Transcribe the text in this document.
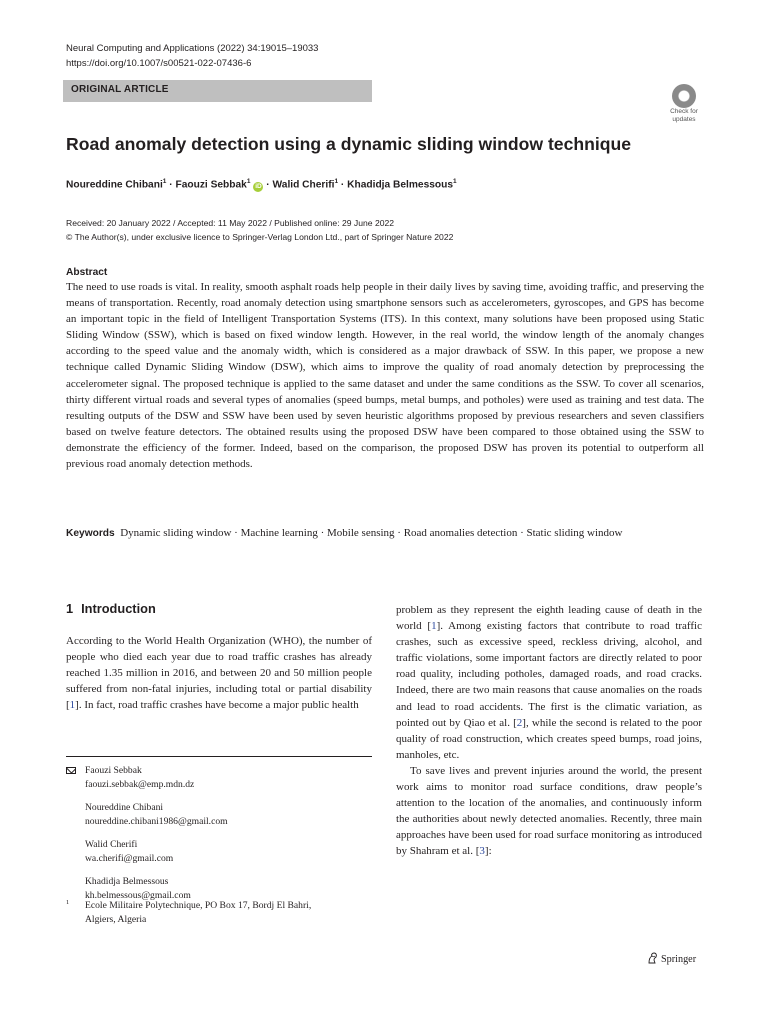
Neural Computing and Applications (2022) 34:19015–19033
https://doi.org/10.1007/s00521-022-07436-6
ORIGINAL ARTICLE
Check for
updates
Road anomaly detection using a dynamic sliding window technique
Noureddine Chibani$^1$ · Faouzi Sebbak$^1$iD · Walid Cherifi$^1$ · Khadidja Belmessous$^1$
Received: 20 January 2022 / Accepted: 11 May 2022 / Published online: 29 June 2022
© The Author(s), under exclusive licence to Springer-Verlag London Ltd., part of Springer Nature 2022
Abstract

The need to use roads is vital. In reality, smooth asphalt roads help people in their daily lives by saving time, avoiding traffic, and preserving the means of transportation. Recently, road anomaly detection using smartphone sensors such as accelerometers, gyroscopes, and GPS has become an important topic in the field of Intelligent Transportation Systems (ITS). In this context, many solutions have been proposed using Static Sliding Window (SSW), which is based on fixed window length. However, in the real world, the window length of the anomaly changes according to the speed value and the anomaly width, which is considered as a major drawback of SSW. In this paper, we propose a new technique called Dynamic Sliding Window (DSW), which aims to improve the quality of road anomaly detection by preprocessing the accelerometer signal. The proposed technique is applied to the same dataset and under the same conditions as the SSW. To cover all scenarios, thirty different virtual roads and several types of anomalies (speed bumps, metal bumps, and potholes) were used as training and test data. The resulting outputs of the DSW and SSW have been used by seven heuristic algorithms proposed by previous researchers and seven classifiers based on twelve feature detectors. The obtained results using the proposed DSW have been compared to those obtained using the SSW to demonstrate the efficiency of the former. Indeed, based on the comparison, the proposed DSW has proven its potential to outperform all previous road anomaly detection methods.

Keywords Dynamic sliding window · Machine learning · Mobile sensing · Road anomalies detection · Static sliding window

1 Introduction

According to the World Health Organization (WHO), the number of people who died each year due to road traffic crashes has already reached 1.35 million in 2016, and between 20 and 50 million people suffered from non-fatal injuries, including total or partial disability [1]. In fact, road traffic crashes have become a major public health

Faouzi Sebbak
faouzi.sebbak@emp.mdn.dz
Noureddine Chibani
noureddine.chibani1986@gmail.com
Walid Cherifi
wa.cherifi@gmail.com
Khadidja Belmessous
kh.belmessous@gmail.com
1	Ecole Militaire Polytechnique, PO Box 17, Bordj El Bahri,
Algiers, Algeria

problem as they represent the eighth leading cause of death in the world [1]. Among existing factors that contribute to road traffic crashes, such as excessive speed, reckless driving, alcohol, and traffic violations, some important factors are directly related to poor road quality, including potholes, damaged roads, and road cracks. Indeed, there are two main reasons that cause anomalies on the roads and lead to road accidents. The first is the climatic variation, as pointed out by Qiao et al. [2], while the second is related to the poor quality of road construction, which creates speed bumps, road joins, manholes, etc.

To save lives and prevent injuries around the world, the present work aims to monitor road surface conditions, draw people’s attention to the location of the anomalies, and continuously inform the authorities about newly detected anomalies. Recently, three main approaches have been used for road surface monitoring as introduced by Shahram et al. [3]:

Springer
